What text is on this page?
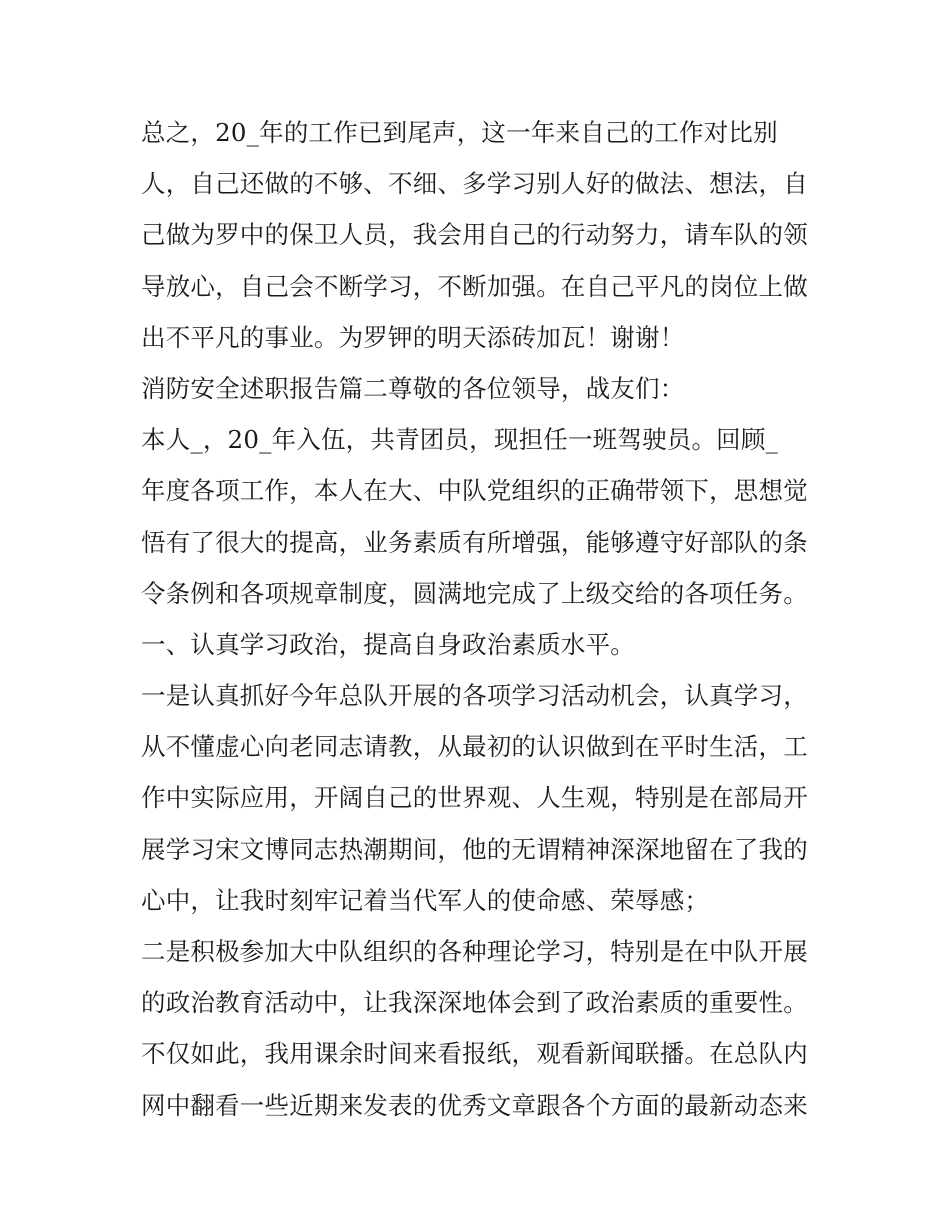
总之，20_年的工作已到尾声，这一年来自己的工作对比别
人，自己还做的不够、不细、多学习别人好的做法、想法，自
己做为罗中的保卫人员，我会用自己的行动努力，请车队的领
导放心，自己会不断学习，不断加强。在自己平凡的岗位上做
出不平凡的事业。为罗钾的明天添砖加瓦！谢谢！
消防安全述职报告篇二尊敬的各位领导，战友们：
本人_，20_年入伍，共青团员，现担任一班驾驶员。回顾_
年度各项工作，本人在大、中队党组织的正确带领下，思想觉
悟有了很大的提高，业务素质有所增强，能够遵守好部队的条
令条例和各项规章制度，圆满地完成了上级交给的各项任务。
一、认真学习政治，提高自身政治素质水平。
一是认真抓好今年总队开展的各项学习活动机会，认真学习，
从不懂虚心向老同志请教，从最初的认识做到在平时生活，工
作中实际应用，开阔自己的世界观、人生观，特别是在部局开
展学习宋文博同志热潮期间，他的无谓精神深深地留在了我的
心中，让我时刻牢记着当代军人的使命感、荣辱感；
二是积极参加大中队组织的各种理论学习，特别是在中队开展
的政治教育活动中，让我深深地体会到了政治素质的重要性。
不仅如此，我用课余时间来看报纸，观看新闻联播。在总队内
网中翻看一些近期来发表的优秀文章跟各个方面的最新动态来
